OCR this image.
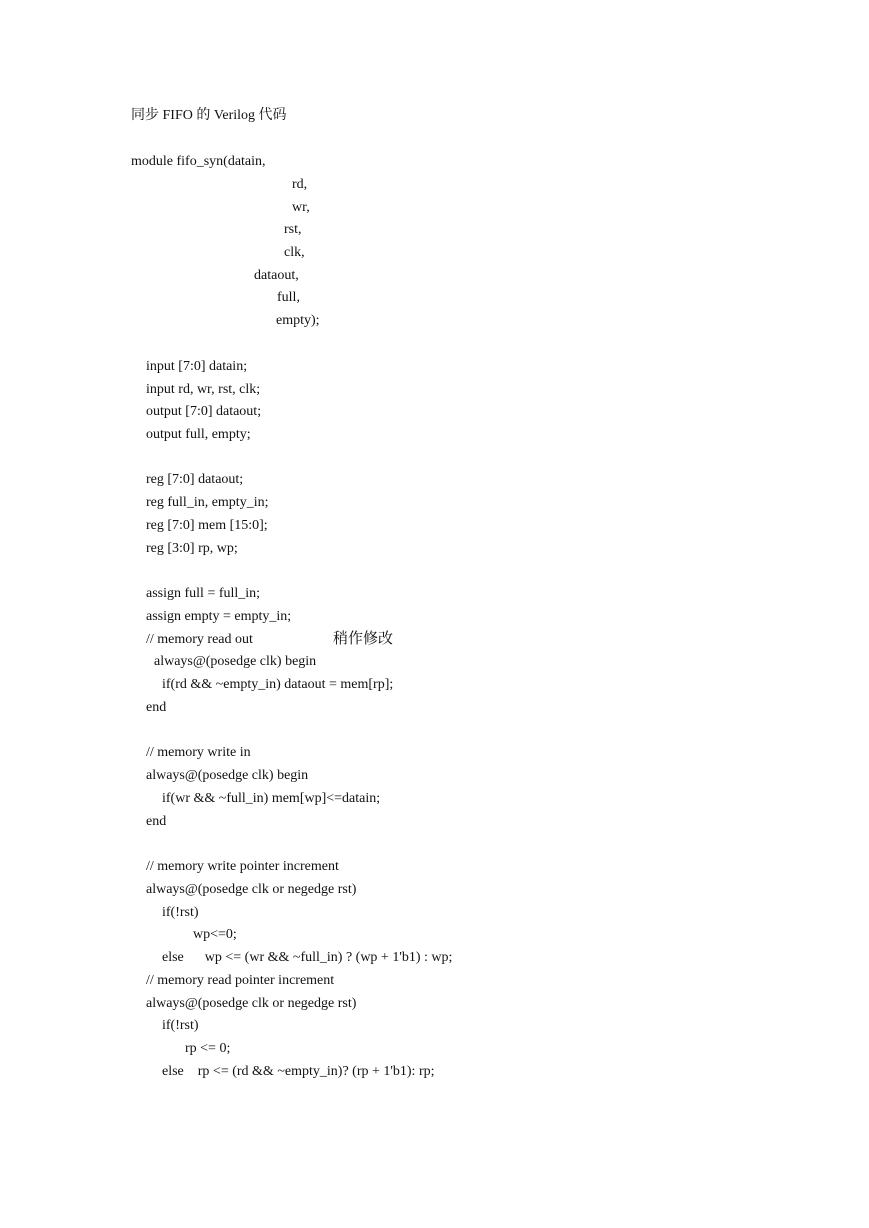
同步 FIFO 的 Verilog 代码
module fifo_syn(datain,
rd,
wr,
rst,
clk,
dataout,
full,
empty);
input [7:0] datain;
input rd, wr, rst, clk;
output [7:0] dataout;
output full, empty;
reg [7:0] dataout;
reg full_in, empty_in;
reg [7:0] mem [15:0];
reg [3:0] rp, wp;
assign full = full_in;
assign empty = empty_in;
// memory read out	稍作修改
always@(posedge clk) begin
if(rd && ~empty_in) dataout = mem[rp];
end
// memory write in
always@(posedge clk) begin
if(wr && ~full_in) mem[wp]<=datain;
end
// memory write pointer increment
always@(posedge clk or negedge rst)
if(!rst)
wp<=0;
else      wp <= (wr && ~full_in) ? (wp + 1'b1) : wp;
// memory read pointer increment
always@(posedge clk or negedge rst)
if(!rst)
rp <= 0;
else    rp <= (rd && ~empty_in)? (rp + 1'b1): rp;
